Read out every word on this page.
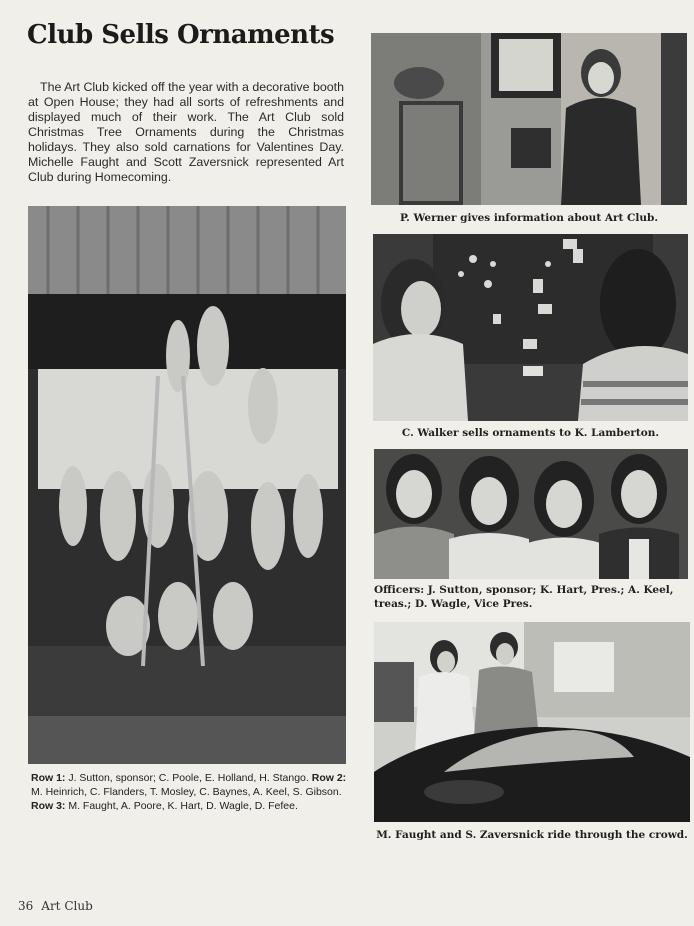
Club Sells Ornaments

The Art Club kicked off the year with a decorative booth at Open House; they had all sorts of refreshments and displayed much of their work. The Art Club sold Christmas Tree Ornaments during the Christmas holidays. They also sold carnations for Valentines Day. Michelle Faught and Scott Zaversnick represented Art Club during Homecoming.

Row 1: J. Sutton, sponsor; C. Poole, E. Holland, H. Stango. Row 2: M. Heinrich, C. Flanders, T. Mosley, C. Baynes, A. Keel, S. Gibson. Row 3: M. Faught, A. Poore, K. Hart, D. Wagle, D. Fefee.

P. Werner gives information about Art Club.

C. Walker sells ornaments to K. Lamberton.

Officers: J. Sutton, sponsor; K. Hart, Pres.; A. Keel, treas.; D. Wagle, Vice Pres.

M. Faught and S. Zaversnick ride through the crowd.

36 Art Club
